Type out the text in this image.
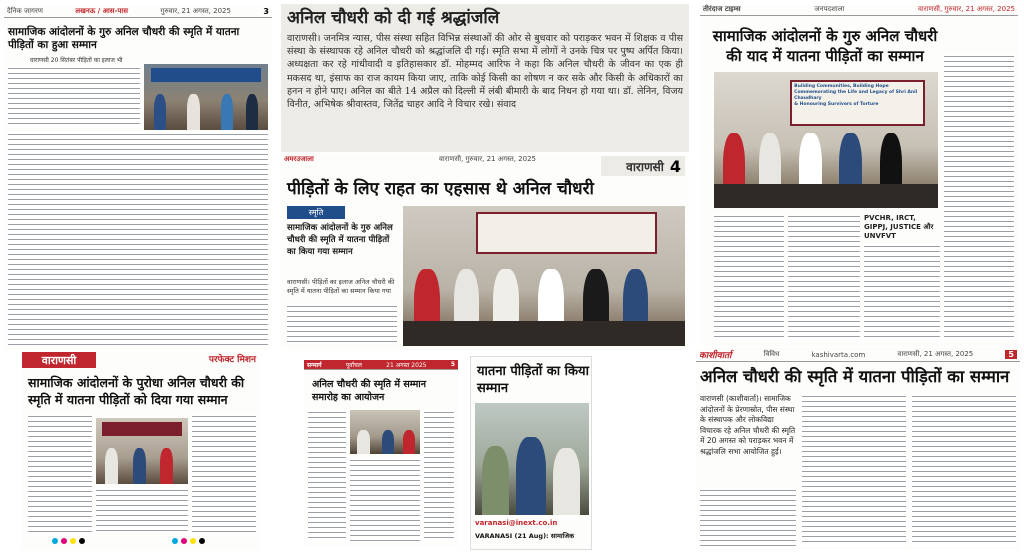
दैनिक जागरण	लखनऊ / आस-पास	गुरुवार, 21 अगस्त, 2025	3
सामाजिक आंदोलनों के गुरु अनिल चौधरी की स्मृति में यातना पीड़ितों का हुआ सम्मान
वाराणसी 20 सितंबर पीड़ितों का इलाज भी
अनिल चौधरी को दी गई श्रद्धांजलि
वाराणसी। जनमित्र न्यास, पीस संस्था सहित विभिन्न संस्थाओं की ओर से बुधवार को पराड़कर भवन में शिक्षक व पीस संस्था के संस्थापक रहे अनिल चौधरी को श्रद्धांजलि दी गई। स्मृति सभा में लोगों ने उनके चित्र पर पुष्प अर्पित किया। अध्यक्षता कर रहे गांधीवादी व इतिहासकार डॉ. मोहम्मद आरिफ ने कहा कि अनिल चौधरी के जीवन का एक ही मकसद था, इंसाफ का राज कायम किया जाए, ताकि कोई किसी का शोषण न कर सके और किसी के अधिकारों का हनन न होने पाए। अनिल का बीते 14 अप्रैल को दिल्ली में लंबी बीमारी के बाद निधन हो गया था। डॉ. लेनिन, विजय विनीत, अभिषेक श्रीवास्तव, जितेंद्र चाहर आदि ने विचार रखे। संवाद
अमरउजाला	वाराणसी, गुरुवार, 21 अगस्त, 2025
वाराणसी 4
पीड़ितों के लिए राहत का एहसास थे अनिल चौधरी
स्मृति
सामाजिक आंदोलनों के गुरु अनिल चौधरी की स्मृति में यातना पीड़ितों का किया गया सम्मान
वाराणसी। पीड़ितों का इलाज अनिल चौधरी की स्मृति में यातना पीड़ितों का सम्मान किया गया
तीरंदाज टाइम्स	जनपदशाला	वाराणसी, गुरुवार, 21 अगस्त, 2025
सामाजिक आंदोलनों के गुरु अनिल चौधरी की याद में यातना पीड़ितों का सम्मान
Building Communities, Building Hope
Commemorating the Life and Legacy of Shri Anil Chaudhary
& Honouring Survivors of Torture
PVCHR, IRCT, GIPPJ, JUSTICE और UNVFVT
काशीवार्ता	विविध	kashivarta.com	वाराणसी, 21 अगस्त, 2025	5
अनिल चौधरी की स्मृति में यातना पीड़ितों का सम्मान
वाराणसी (काशीवार्ता)। सामाजिक आंदोलनों के प्रेरणास्रोत, पीस संस्था के संस्थापक और लोकविद्या विचारक रहे अनिल चौधरी की स्मृति में 20 अगस्त को पराड़कर भवन में श्रद्धांजलि सभा आयोजित हुई।
वाराणसी	परफेक्ट मिशन
सामाजिक आंदोलनों के पुरोधा अनिल चौधरी की स्मृति में यातना पीड़ितों को दिया गया सम्मान
सन्मार्ग	पूर्वांचल	21 अगस्त 2025	5
अनिल चौधरी की स्मृति में सम्मान समारोह का आयोजन
यातना पीड़ितों का किया सम्मान
varanasi@inext.co.in
VARANASI (21 Aug): सामाजिक
